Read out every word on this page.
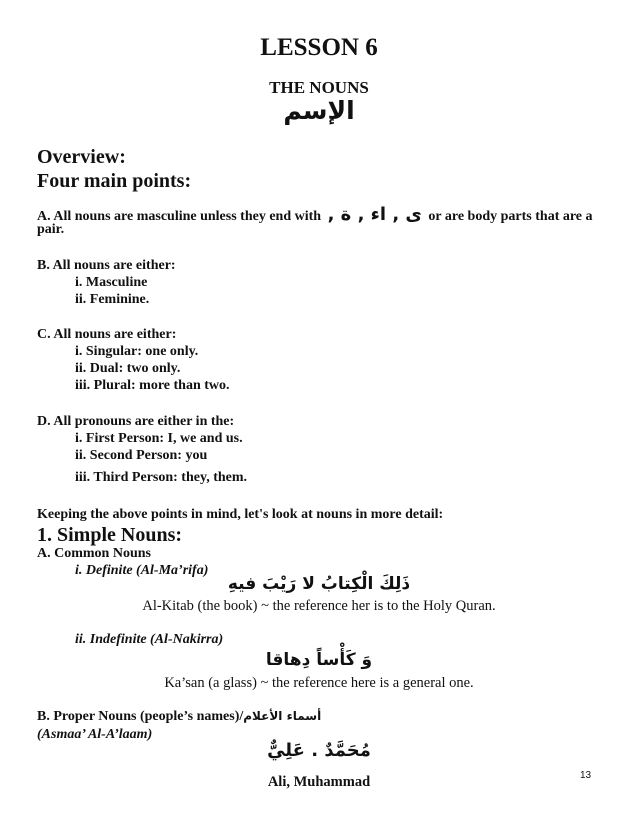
LESSON 6
THE NOUNS
الإسم
Overview:
Four main points:
A. All nouns are masculine unless they end with ى , اء , ة , or are body parts that are a
pair.
B. All nouns are either:
i. Masculine
ii. Feminine.
C. All nouns are either:
i. Singular: one only.
ii. Dual: two only.
iii. Plural: more than two.
D. All pronouns are either in the:
i. First Person: I, we and us.
ii. Second Person: you
iii. Third Person: they, them.
Keeping the above points in mind, let's look at nouns in more detail:
1. Simple Nouns:
A. Common Nouns
i. Definite (Al-Ma’rifa)
ذَلِكَ الْكِتابُ لا رَيْبَ فيهِ
Al-Kitab (the book) ~ the reference her is to the Holy Quran.
ii. Indefinite (Al-Nakirra)
وَ كَأْساً دِهاقا
Ka’san (a glass) ~ the reference here is a general one.
B. Proper Nouns (people’s names)/أسماء الأعلام
(Asmaa’ Al-A’laam)
مُحَمَّدٌ . عَلِيٌّ
Ali, Muhammad	13
